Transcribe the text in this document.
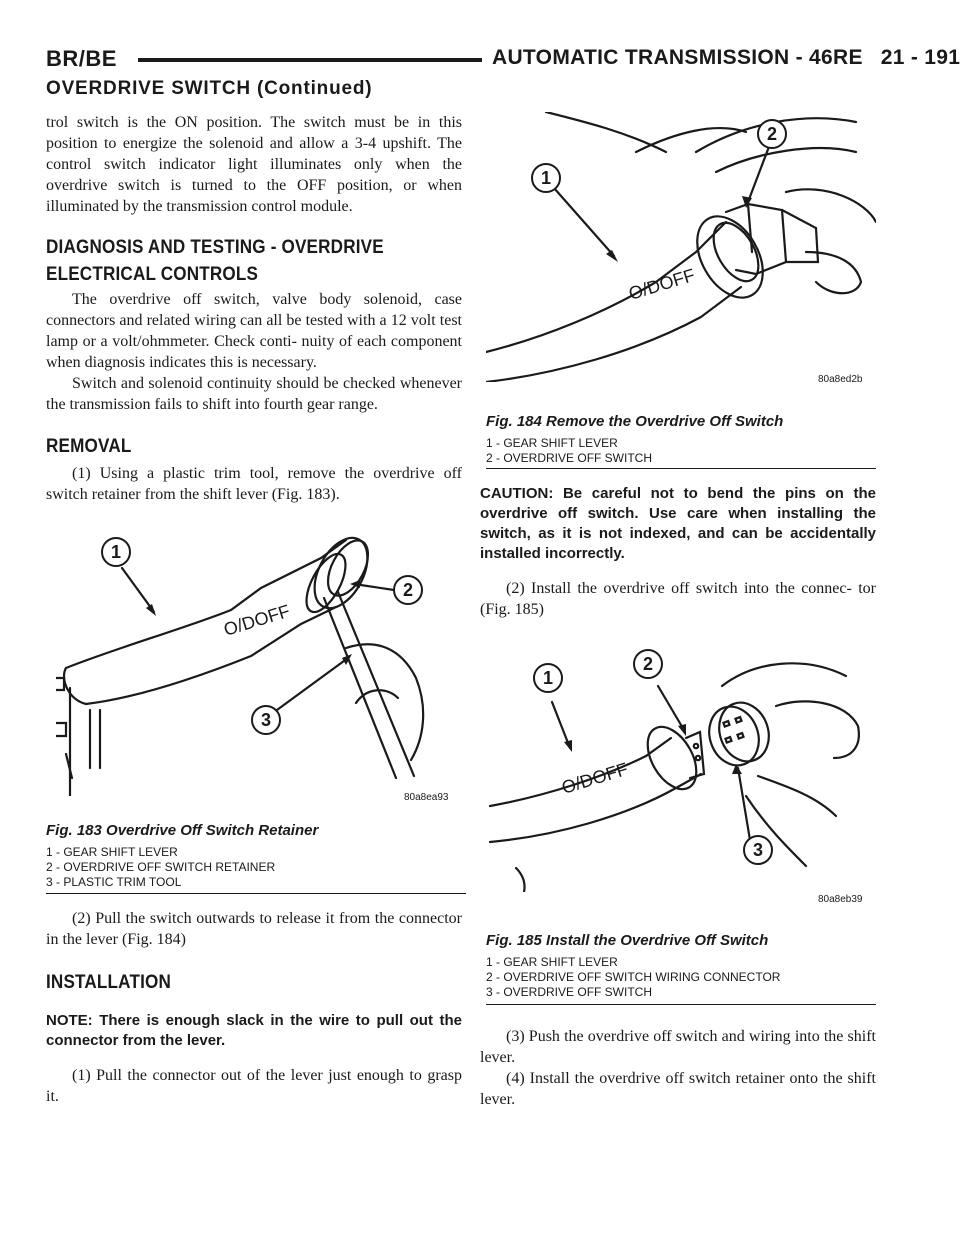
BR/BE	AUTOMATIC TRANSMISSION - 46RE 21 - 191
OVERDRIVE SWITCH (Continued)

trol switch is the ON position. The switch must be in this position to energize the solenoid and allow a 3-4 upshift. The control switch indicator light illuminates only when the overdrive switch is turned to the OFF position, or when illuminated by the transmission control module.

DIAGNOSIS AND TESTING - OVERDRIVE

ELECTRICAL CONTROLS

The overdrive off switch, valve body solenoid, case connectors and related wiring can all be tested with a 12 volt test lamp or a volt/ohmmeter. Check conti- nuity of each component when diagnosis indicates this is necessary.

Switch and solenoid continuity should be checked whenever the transmission fails to shift into fourth gear range.

REMOVAL

(1) Using a plastic trim tool, remove the overdrive off switch retainer from the shift lever (Fig. 183).

O/DOFF
1
2
3
80a8ea93

Fig. 183 Overdrive Off Switch Retainer

1 - GEAR SHIFT LEVER

2 - OVERDRIVE OFF SWITCH RETAINER

3 - PLASTIC TRIM TOOL

(2) Pull the switch outwards to release it from the connector in the lever (Fig. 184)

INSTALLATION

NOTE: There is enough slack in the wire to pull out the connector from the lever.

(1) Pull the connector out of the lever just enough to grasp it.

O/DOFF
1
2
80a8ed2b

Fig. 184 Remove the Overdrive Off Switch

1 - GEAR SHIFT LEVER

2 - OVERDRIVE OFF SWITCH

CAUTION: Be careful not to bend the pins on the overdrive off switch. Use care when installing the switch, as it is not indexed, and can be accidentally installed incorrectly.

(2) Install the overdrive off switch into the connec- tor (Fig. 185)

O/DOFF
1
2
3
80a8eb39

Fig. 185 Install the Overdrive Off Switch

1 - GEAR SHIFT LEVER

2 - OVERDRIVE OFF SWITCH WIRING CONNECTOR

3 - OVERDRIVE OFF SWITCH

(3) Push the overdrive off switch and wiring into the shift lever.

(4) Install the overdrive off switch retainer onto the shift lever.
